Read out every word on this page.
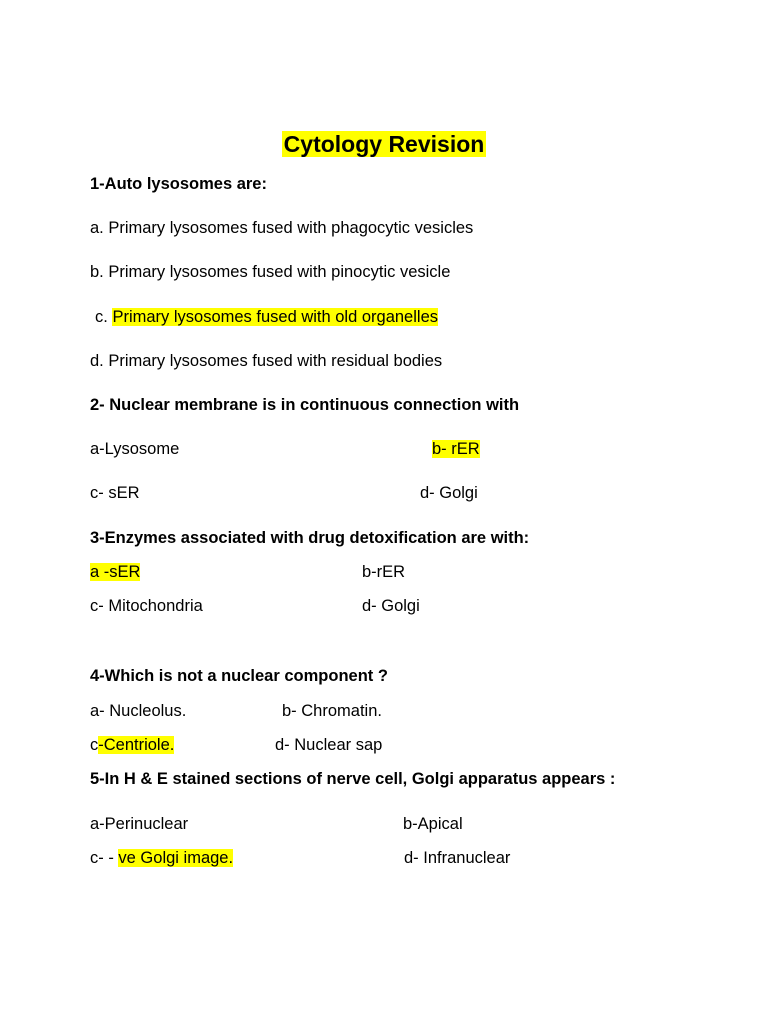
Cytology Revision
1-Auto lysosomes are:
a. Primary lysosomes fused with phagocytic vesicles
b. Primary lysosomes fused with pinocytic vesicle
c. Primary lysosomes fused with old organelles
d. Primary lysosomes fused with residual bodies
2- Nuclear membrane is in continuous connection with
a-Lysosome	b- rER
c- sER	d- Golgi
3-Enzymes associated with drug detoxification are with:
a -sER	b-rER
c- Mitochondria	d- Golgi
4-Which is not a nuclear component ?
a- Nucleolus.	b- Chromatin.
c-Centriole.	d- Nuclear sap
5-In H & E stained sections of nerve cell, Golgi apparatus appears :
a-Perinuclear	b-Apical
c- - ve Golgi image.	d- Infranuclear
